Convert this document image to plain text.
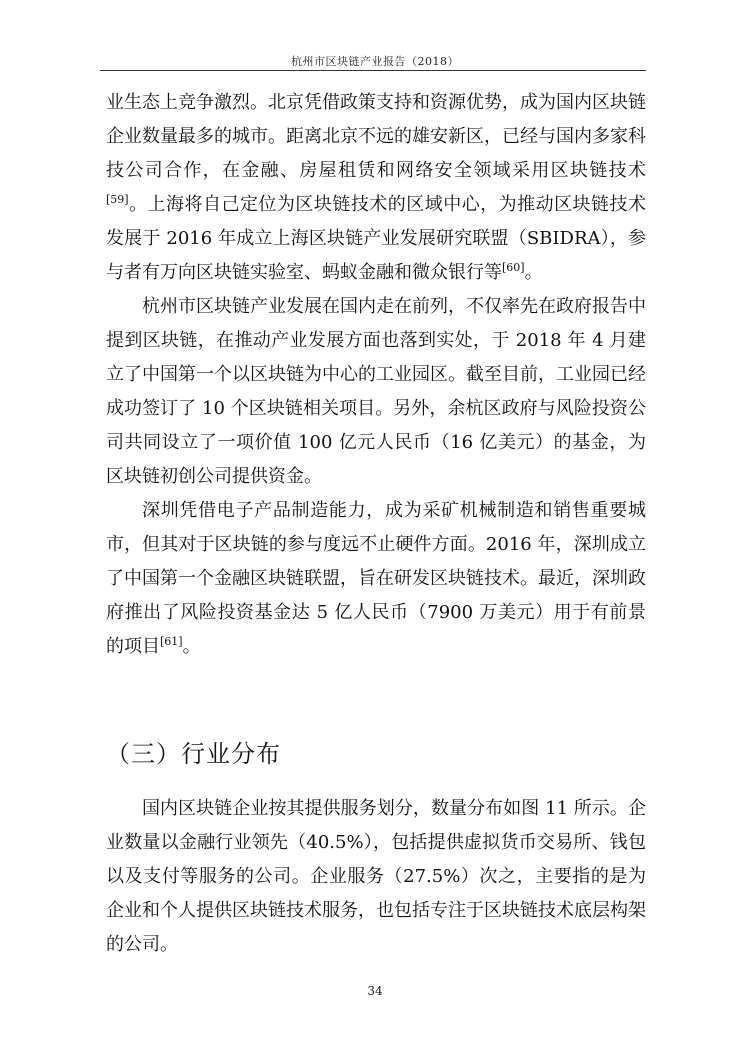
杭州市区块链产业报告（2018）

业生态上竞争激烈。北京凭借政策支持和资源优势，成为国内区块链企业数量最多的城市。距离北京不远的雄安新区，已经与国内多家科技公司合作，在金融、房屋租赁和网络安全领域采用区块链技术[59]。上海将自己定位为区块链技术的区域中心，为推动区块链技术发展于 2016 年成立上海区块链产业发展研究联盟（SBIDRA），参与者有万向区块链实验室、蚂蚁金融和微众银行等[60]。

杭州市区块链产业发展在国内走在前列，不仅率先在政府报告中提到区块链，在推动产业发展方面也落到实处，于 2018 年 4 月建立了中国第一个以区块链为中心的工业园区。截至目前，工业园已经成功签订了 10 个区块链相关项目。另外，余杭区政府与风险投资公司共同设立了一项价值 100 亿元人民币（16 亿美元）的基金，为区块链初创公司提供资金。

深圳凭借电子产品制造能力，成为采矿机械制造和销售重要城市，但其对于区块链的参与度远不止硬件方面。2016 年，深圳成立了中国第一个金融区块链联盟，旨在研发区块链技术。最近，深圳政府推出了风险投资基金达 5 亿人民币（7900 万美元）用于有前景的项目[61]。

（三）行业分布

国内区块链企业按其提供服务划分，数量分布如图 11 所示。企业数量以金融行业领先（40.5%），包括提供虚拟货币交易所、钱包以及支付等服务的公司。企业服务（27.5%）次之，主要指的是为企业和个人提供区块链技术服务，也包括专注于区块链技术底层构架的公司。

34
